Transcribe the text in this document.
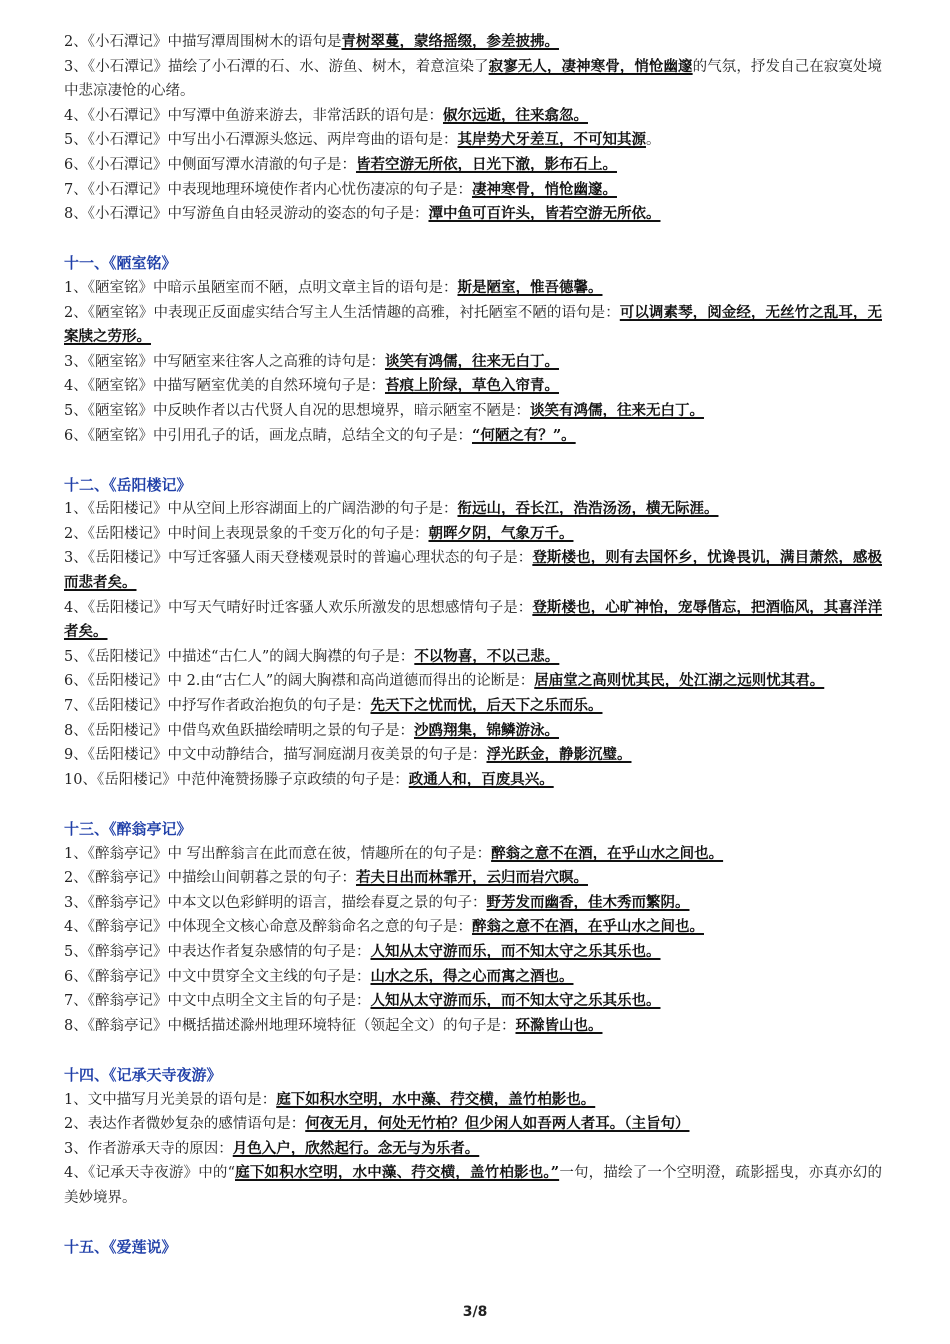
2、《小石潭记》中描写潭周围树木的语句是青树翠蔓，蒙络摇缀，参差披拂。
3、《小石潭记》描绘了小石潭的石、水、游鱼、树木，着意渲染了寂寥无人，凄神寒骨，悄怆幽邃的气氛，抒发自己在寂寞处境中悲凉凄怆的心绪。
4、《小石潭记》中写潭中鱼游来游去，非常活跃的语句是：俶尔远逝，往来翕忽。
5、《小石潭记》中写出小石潭源头悠远、两岸弯曲的语句是：其岸势犬牙差互，不可知其源。
6、《小石潭记》中侧面写潭水清澈的句子是：皆若空游无所依，日光下澈，影布石上。
7、《小石潭记》中表现地理环境使作者内心忧伤凄凉的句子是：凄神寒骨，悄怆幽邃。
8、《小石潭记》中写游鱼自由轻灵游动的姿态的句子是：潭中鱼可百许头，皆若空游无所依。
十一、《陋室铭》
1、《陋室铭》中暗示虽陋室而不陋，点明文章主旨的语句是：斯是陋室，惟吾德馨。
2、《陋室铭》中表现正反面虚实结合写主人生活情趣的高雅，衬托陋室不陋的语句是：可以调素琴，阅金经，无丝竹之乱耳，无案牍之劳形。
3、《陋室铭》中写陋室来往客人之高雅的诗句是：谈笑有鸿儒，往来无白丁。
4、《陋室铭》中描写陋室优美的自然环境句子是：苔痕上阶绿，草色入帘青。
5、《陋室铭》中反映作者以古代贤人自况的思想境界，暗示陋室不陋是：谈笑有鸿儒，往来无白丁。
6、《陋室铭》中引用孔子的话，画龙点睛，总结全文的句子是：“何陋之有？”。
十二、《岳阳楼记》
1、《岳阳楼记》中从空间上形容湖面上的广阔浩渺的句子是：衔远山，吞长江，浩浩汤汤，横无际涯。
2、《岳阳楼记》中时间上表现景象的千变万化的句子是：朝晖夕阴，气象万千。
3、《岳阳楼记》中写迁客骚人雨天登楼观景时的普遍心理状态的句子是：登斯楼也，则有去国怀乡，忧谗畏讥，满目萧然，感极而悲者矣。
4、《岳阳楼记》中写天气晴好时迁客骚人欢乐所激发的思想感情句子是：登斯楼也，心旷神怡，宠辱偕忘，把酒临风，其喜洋洋者矣。
5、《岳阳楼记》中描述“古仁人”的阔大胸襟的句子是：不以物喜，不以己悲。
6、《岳阳楼记》中 2.由“古仁人”的阔大胸襟和高尚道德而得出的论断是：居庙堂之高则忧其民，处江湖之远则忧其君。
7、《岳阳楼记》中抒写作者政治抱负的句子是：先天下之忧而忧，后天下之乐而乐。
8、《岳阳楼记》中借鸟欢鱼跃描绘晴明之景的句子是：沙鸥翔集，锦鳞游泳。
9、《岳阳楼记》中文中动静结合，描写洞庭湖月夜美景的句子是：浮光跃金，静影沉璧。
10、《岳阳楼记》中范仲淹赞扬滕子京政绩的句子是：政通人和，百废具兴。
十三、《醉翁亭记》
1、《醉翁亭记》中 写出醉翁言在此而意在彼，情趣所在的句子是：醉翁之意不在酒，在乎山水之间也。
2、《醉翁亭记》中描绘山间朝暮之景的句子：若夫日出而林霏开，云归而岩穴暝。
3、《醉翁亭记》中本文以色彩鲜明的语言，描绘春夏之景的句子：野芳发而幽香，佳木秀而繁阴。
4、《醉翁亭记》中体现全文核心命意及醉翁命名之意的句子是：醉翁之意不在酒，在乎山水之间也。
5、《醉翁亭记》中表达作者复杂感情的句子是：人知从太守游而乐，而不知太守之乐其乐也。
6、《醉翁亭记》中文中贯穿全文主线的句子是：山水之乐，得之心而寓之酒也。
7、《醉翁亭记》中文中点明全文主旨的句子是：人知从太守游而乐，而不知太守之乐其乐也。
8、《醉翁亭记》中概括描述滁州地理环境特征（领起全文）的句子是：环滁皆山也。
十四、《记承天寺夜游》
1、文中描写月光美景的语句是：庭下如积水空明，水中藻、荇交横，盖竹柏影也。
2、表达作者微妙复杂的感情语句是：何夜无月，何处无竹柏？但少闲人如吾两人者耳。（主旨句）
3、作者游承天寺的原因：月色入户，欣然起行。念无与为乐者。
4、《记承天寺夜游》中的“庭下如积水空明，水中藻、荇交横，盖竹柏影也。”一句，描绘了一个空明澄，疏影摇曳，亦真亦幻的美妙境界。
十五、《爱莲说》
3/8
